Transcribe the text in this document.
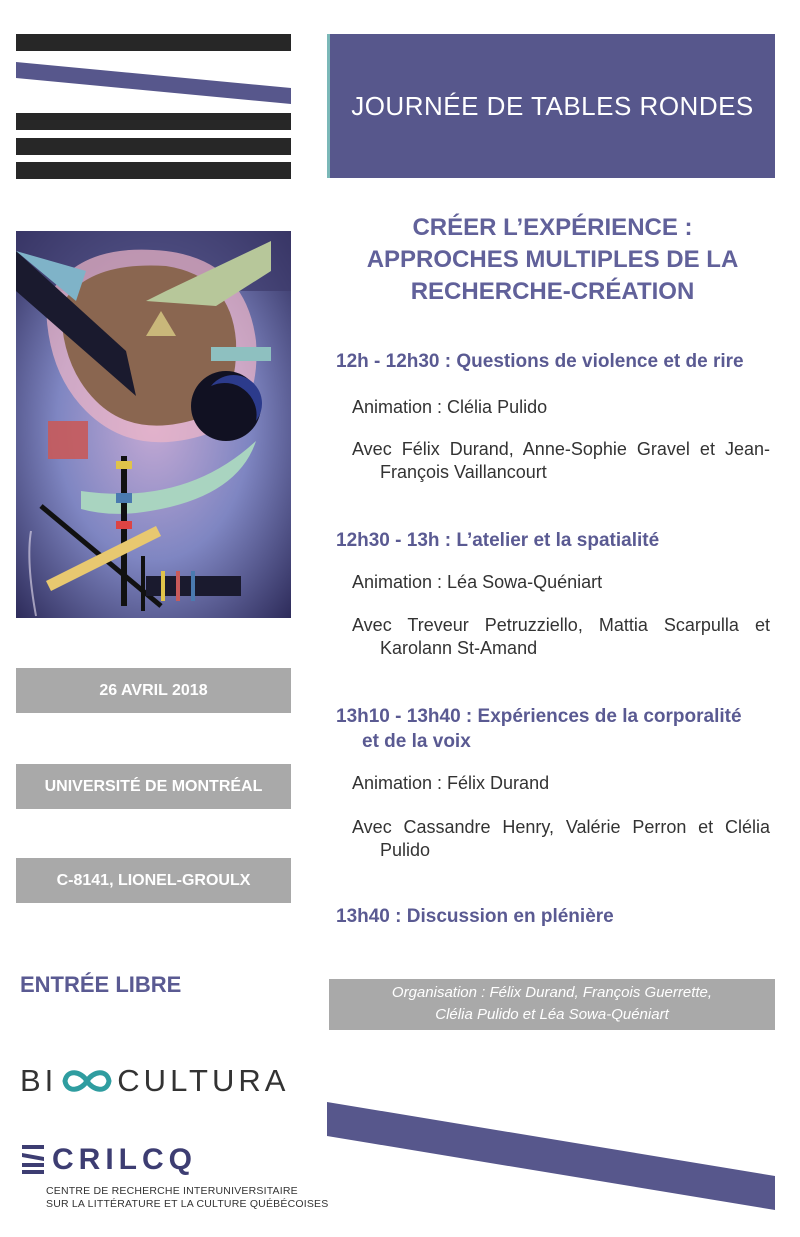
JOURNÉE DE TABLES RONDES
CRÉER L’EXPÉRIENCE :
APPROCHES MULTIPLES DE LA
RECHERCHE-CRÉATION
12h - 12h30 : Questions de violence et de rire
Animation : Clélia Pulido
Avec Félix Durand, Anne-Sophie Gravel et Jean-
François Vaillancourt
12h30 - 13h : L’atelier et la spatialité
Animation : Léa Sowa-Quéniart
Avec Treveur Petruzziello, Mattia Scarpulla et
Karolann St-Amand
13h10 - 13h40 : Expériences de la corporalité
et de la voix
Animation : Félix Durand
Avec Cassandre Henry, Valérie Perron et Clélia
Pulido
13h40 : Discussion en plénière
26 AVRIL 2018
UNIVERSITÉ DE MONTRÉAL
C-8141, LIONEL-GROULX
ENTRÉE LIBRE	Organisation : Félix Durand, François Guerrette,
Clélia Pulido et Léa Sowa-Quéniart
BI CULTURA
CRILCQ
CENTRE DE RECHERCHE INTERUNIVERSITAIRE
SUR LA LITTÉRATURE ET LA CULTURE QUÉBÉCOISES
